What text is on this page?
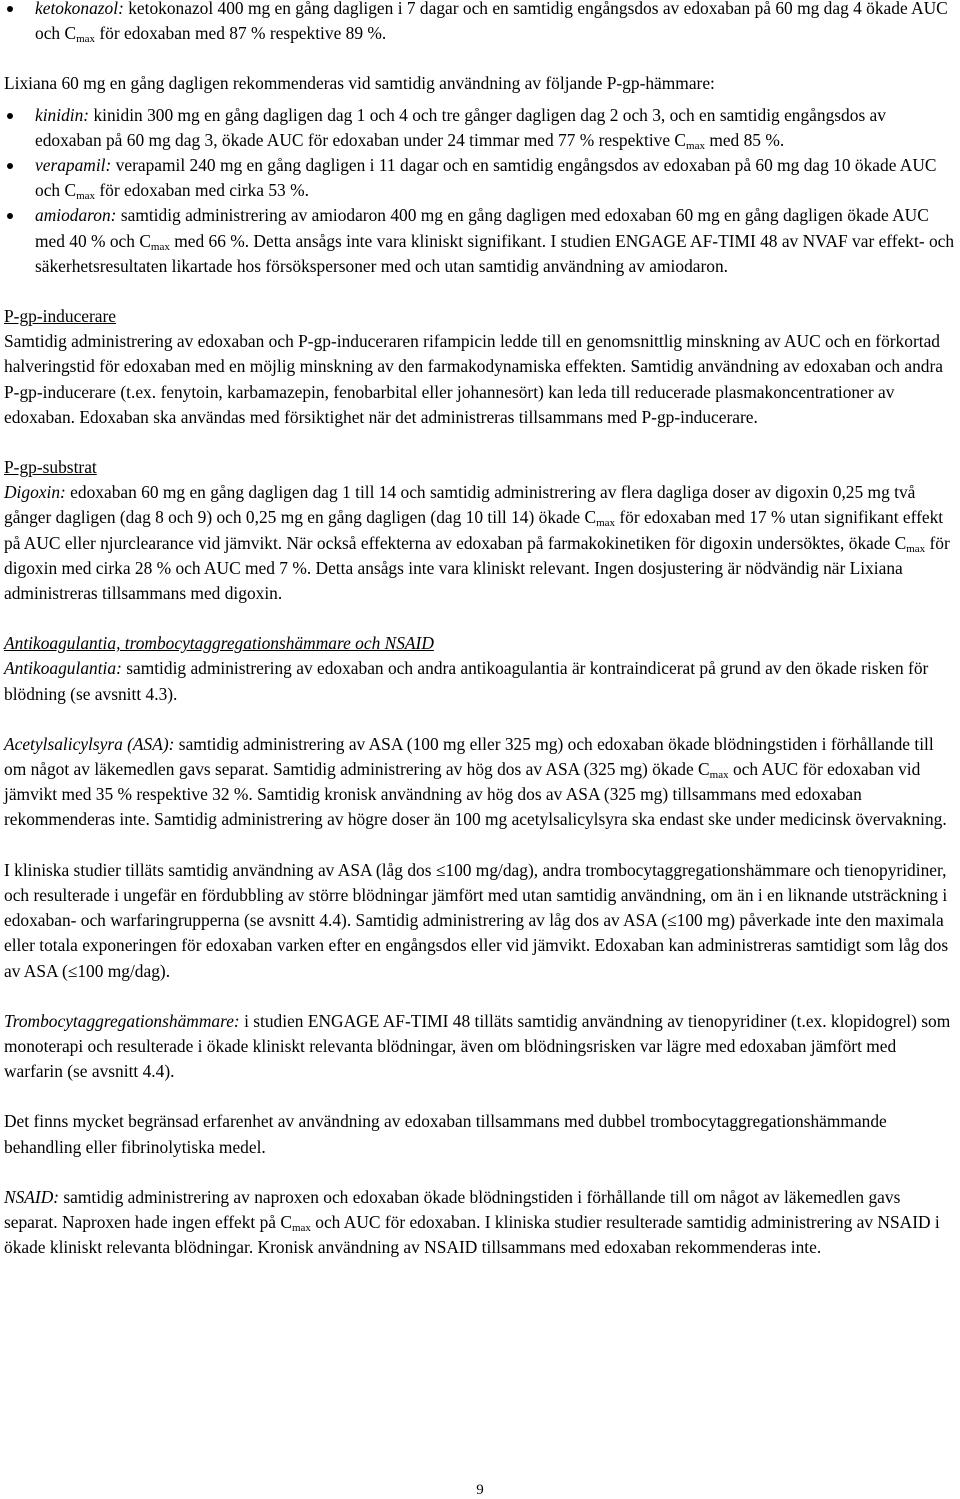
ketokonazol: ketokonazol 400 mg en gång dagligen i 7 dagar och en samtidig engångsdos av edoxaban på 60 mg dag 4 ökade AUC och $C_{max}$ för edoxaban med 87 % respektive 89 %.

Lixiana 60 mg en gång dagligen rekommenderas vid samtidig användning av följande P-gp-hämmare:

kinidin: kinidin 300 mg en gång dagligen dag 1 och 4 och tre gånger dagligen dag 2 och 3, och en samtidig engångsdos av edoxaban på 60 mg dag 3, ökade AUC för edoxaban under 24 timmar med 77 % respektive $C_{max}$ med 85 %.
verapamil: verapamil 240 mg en gång dagligen i 11 dagar och en samtidig engångsdos av edoxaban på 60 mg dag 10 ökade AUC och $C_{max}$ för edoxaban med cirka 53 %.
amiodaron: samtidig administrering av amiodaron 400 mg en gång dagligen med edoxaban 60 mg en gång dagligen ökade AUC med 40 % och $C_{max}$ med 66 %. Detta ansågs inte vara kliniskt signifikant. I studien ENGAGE AF-TIMI 48 av NVAF var effekt- och säkerhetsresultaten likartade hos försökspersoner med och utan samtidig användning av amiodaron.

P-gp-inducerare

Samtidig administrering av edoxaban och P-gp-induceraren rifampicin ledde till en genomsnittlig minskning av AUC och en förkortad halveringstid för edoxaban med en möjlig minskning av den farmakodynamiska effekten. Samtidig användning av edoxaban och andra P-gp-inducerare (t.ex. fenytoin, karbamazepin, fenobarbital eller johannesört) kan leda till reducerade plasmakoncentrationer av edoxaban. Edoxaban ska användas med försiktighet när det administreras tillsammans med P-gp-inducerare.

P-gp-substrat

Digoxin: edoxaban 60 mg en gång dagligen dag 1 till 14 och samtidig administrering av flera dagliga doser av digoxin 0,25 mg två gånger dagligen (dag 8 och 9) och 0,25 mg en gång dagligen (dag 10 till 14) ökade $C_{max}$ för edoxaban med 17 % utan signifikant effekt på AUC eller njurclearance vid jämvikt. När också effekterna av edoxaban på farmakokinetiken för digoxin undersöktes, ökade $C_{max}$ för digoxin med cirka 28 % och AUC med 7 %. Detta ansågs inte vara kliniskt relevant. Ingen dosjustering är nödvändig när Lixiana administreras tillsammans med digoxin.

Antikoagulantia, trombocytaggregationshämmare och NSAID

Antikoagulantia: samtidig administrering av edoxaban och andra antikoagulantia är kontraindicerat på grund av den ökade risken för blödning (se avsnitt 4.3).

Acetylsalicylsyra (ASA): samtidig administrering av ASA (100 mg eller 325 mg) och edoxaban ökade blödningstiden i förhållande till om något av läkemedlen gavs separat. Samtidig administrering av hög dos av ASA (325 mg) ökade $C_{max}$ och AUC för edoxaban vid jämvikt med 35 % respektive 32 %. Samtidig kronisk användning av hög dos av ASA (325 mg) tillsammans med edoxaban rekommenderas inte. Samtidig administrering av högre doser än 100 mg acetylsalicylsyra ska endast ske under medicinsk övervakning.

I kliniska studier tilläts samtidig användning av ASA (låg dos ≤100 mg/dag), andra trombocytaggregationshämmare och tienopyridiner, och resulterade i ungefär en fördubbling av större blödningar jämfört med utan samtidig användning, om än i en liknande utsträckning i edoxaban- och warfaringrupperna (se avsnitt 4.4). Samtidig administrering av låg dos av ASA (≤100 mg) påverkade inte den maximala eller totala exponeringen för edoxaban varken efter en engångsdos eller vid jämvikt. Edoxaban kan administreras samtidigt som låg dos av ASA (≤100 mg/dag).

Trombocytaggregationshämmare: i studien ENGAGE AF-TIMI 48 tilläts samtidig användning av tienopyridiner (t.ex. klopidogrel) som monoterapi och resulterade i ökade kliniskt relevanta blödningar, även om blödningsrisken var lägre med edoxaban jämfört med warfarin (se avsnitt 4.4).

Det finns mycket begränsad erfarenhet av användning av edoxaban tillsammans med dubbel trombocytaggregationshämmande behandling eller fibrinolytiska medel.

NSAID: samtidig administrering av naproxen och edoxaban ökade blödningstiden i förhållande till om något av läkemedlen gavs separat. Naproxen hade ingen effekt på $C_{max}$ och AUC för edoxaban. I kliniska studier resulterade samtidig administrering av NSAID i ökade kliniskt relevanta blödningar. Kronisk användning av NSAID tillsammans med edoxaban rekommenderas inte.

9
